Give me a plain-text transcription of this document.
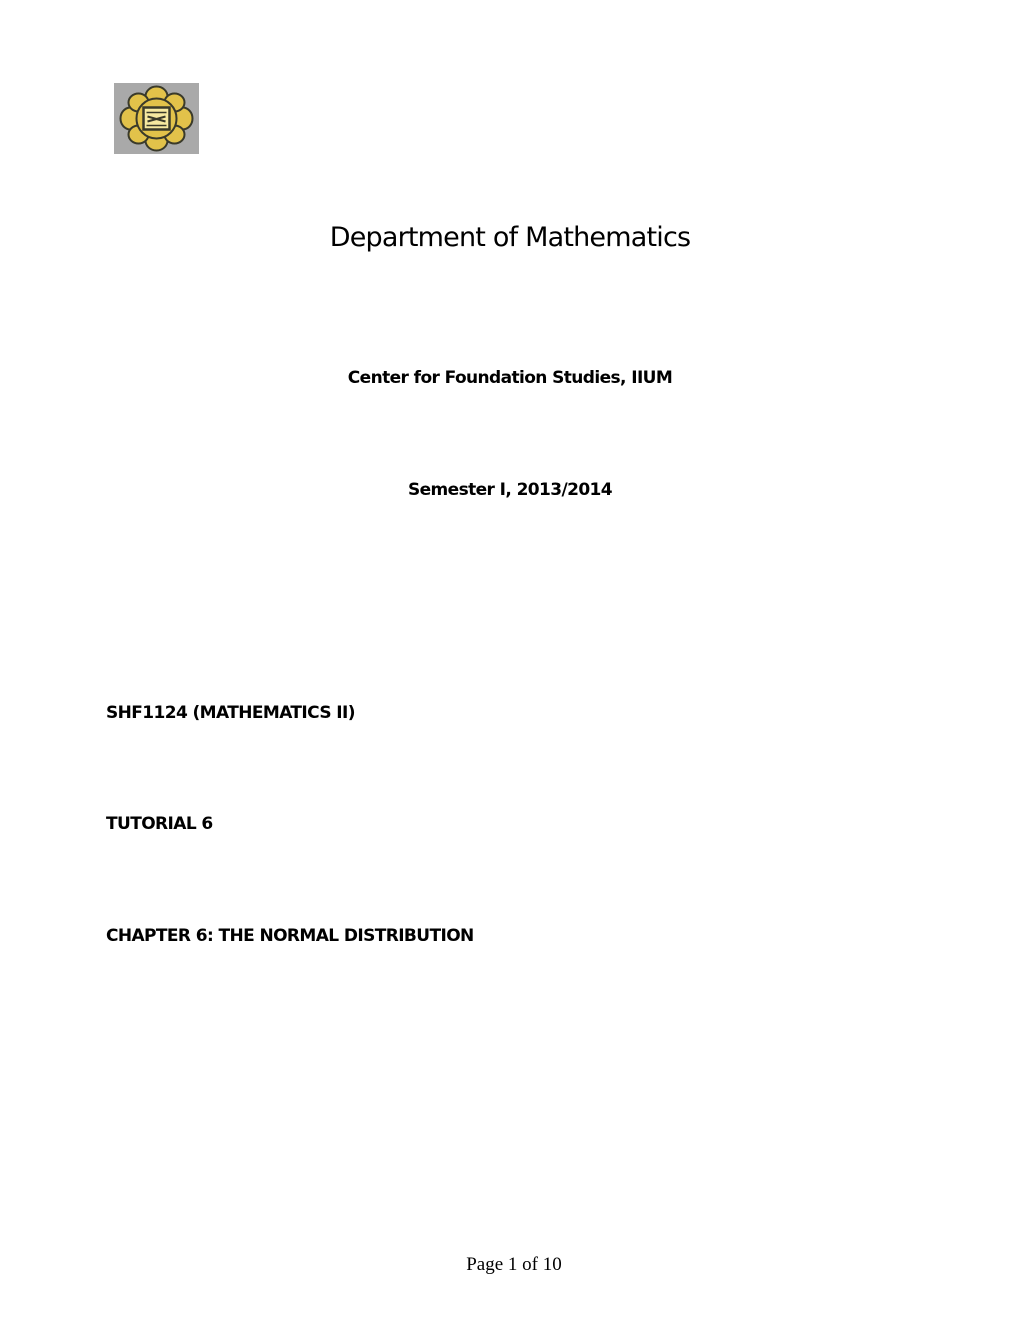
Department of Mathematics
Center for Foundation Studies, IIUM
Semester I, 2013/2014
SHF1124 (MATHEMATICS II)
TUTORIAL 6
CHAPTER 6: THE NORMAL DISTRIBUTION
Page 1 of 10
